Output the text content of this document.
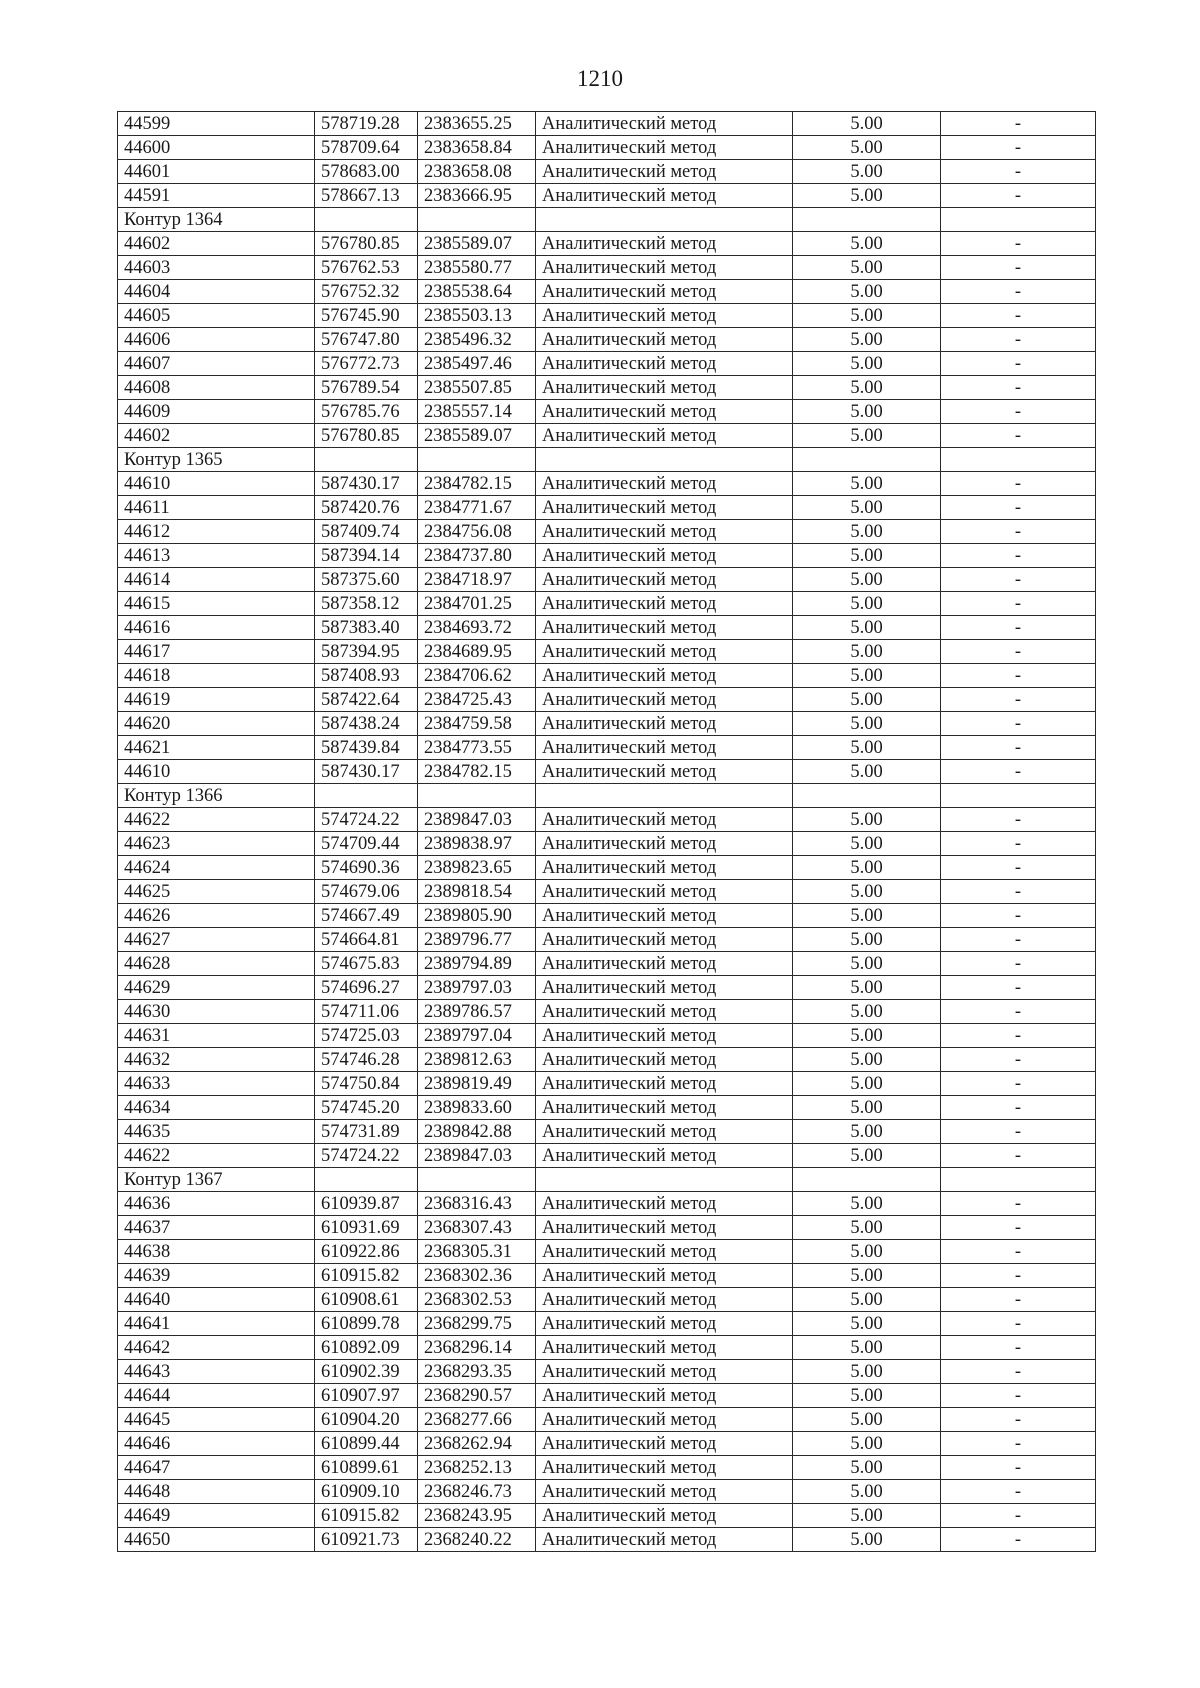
1210
44599	578719.28	2383655.25	Аналитический метод	5.00	-
44600	578709.64	2383658.84	Аналитический метод	5.00	-
44601	578683.00	2383658.08	Аналитический метод	5.00	-
44591	578667.13	2383666.95	Аналитический метод	5.00	-
Контур 1364					
44602	576780.85	2385589.07	Аналитический метод	5.00	-
44603	576762.53	2385580.77	Аналитический метод	5.00	-
44604	576752.32	2385538.64	Аналитический метод	5.00	-
44605	576745.90	2385503.13	Аналитический метод	5.00	-
44606	576747.80	2385496.32	Аналитический метод	5.00	-
44607	576772.73	2385497.46	Аналитический метод	5.00	-
44608	576789.54	2385507.85	Аналитический метод	5.00	-
44609	576785.76	2385557.14	Аналитический метод	5.00	-
44602	576780.85	2385589.07	Аналитический метод	5.00	-
Контур 1365					
44610	587430.17	2384782.15	Аналитический метод	5.00	-
44611	587420.76	2384771.67	Аналитический метод	5.00	-
44612	587409.74	2384756.08	Аналитический метод	5.00	-
44613	587394.14	2384737.80	Аналитический метод	5.00	-
44614	587375.60	2384718.97	Аналитический метод	5.00	-
44615	587358.12	2384701.25	Аналитический метод	5.00	-
44616	587383.40	2384693.72	Аналитический метод	5.00	-
44617	587394.95	2384689.95	Аналитический метод	5.00	-
44618	587408.93	2384706.62	Аналитический метод	5.00	-
44619	587422.64	2384725.43	Аналитический метод	5.00	-
44620	587438.24	2384759.58	Аналитический метод	5.00	-
44621	587439.84	2384773.55	Аналитический метод	5.00	-
44610	587430.17	2384782.15	Аналитический метод	5.00	-
Контур 1366					
44622	574724.22	2389847.03	Аналитический метод	5.00	-
44623	574709.44	2389838.97	Аналитический метод	5.00	-
44624	574690.36	2389823.65	Аналитический метод	5.00	-
44625	574679.06	2389818.54	Аналитический метод	5.00	-
44626	574667.49	2389805.90	Аналитический метод	5.00	-
44627	574664.81	2389796.77	Аналитический метод	5.00	-
44628	574675.83	2389794.89	Аналитический метод	5.00	-
44629	574696.27	2389797.03	Аналитический метод	5.00	-
44630	574711.06	2389786.57	Аналитический метод	5.00	-
44631	574725.03	2389797.04	Аналитический метод	5.00	-
44632	574746.28	2389812.63	Аналитический метод	5.00	-
44633	574750.84	2389819.49	Аналитический метод	5.00	-
44634	574745.20	2389833.60	Аналитический метод	5.00	-
44635	574731.89	2389842.88	Аналитический метод	5.00	-
44622	574724.22	2389847.03	Аналитический метод	5.00	-
Контур 1367					
44636	610939.87	2368316.43	Аналитический метод	5.00	-
44637	610931.69	2368307.43	Аналитический метод	5.00	-
44638	610922.86	2368305.31	Аналитический метод	5.00	-
44639	610915.82	2368302.36	Аналитический метод	5.00	-
44640	610908.61	2368302.53	Аналитический метод	5.00	-
44641	610899.78	2368299.75	Аналитический метод	5.00	-
44642	610892.09	2368296.14	Аналитический метод	5.00	-
44643	610902.39	2368293.35	Аналитический метод	5.00	-
44644	610907.97	2368290.57	Аналитический метод	5.00	-
44645	610904.20	2368277.66	Аналитический метод	5.00	-
44646	610899.44	2368262.94	Аналитический метод	5.00	-
44647	610899.61	2368252.13	Аналитический метод	5.00	-
44648	610909.10	2368246.73	Аналитический метод	5.00	-
44649	610915.82	2368243.95	Аналитический метод	5.00	-
44650	610921.73	2368240.22	Аналитический метод	5.00	-
